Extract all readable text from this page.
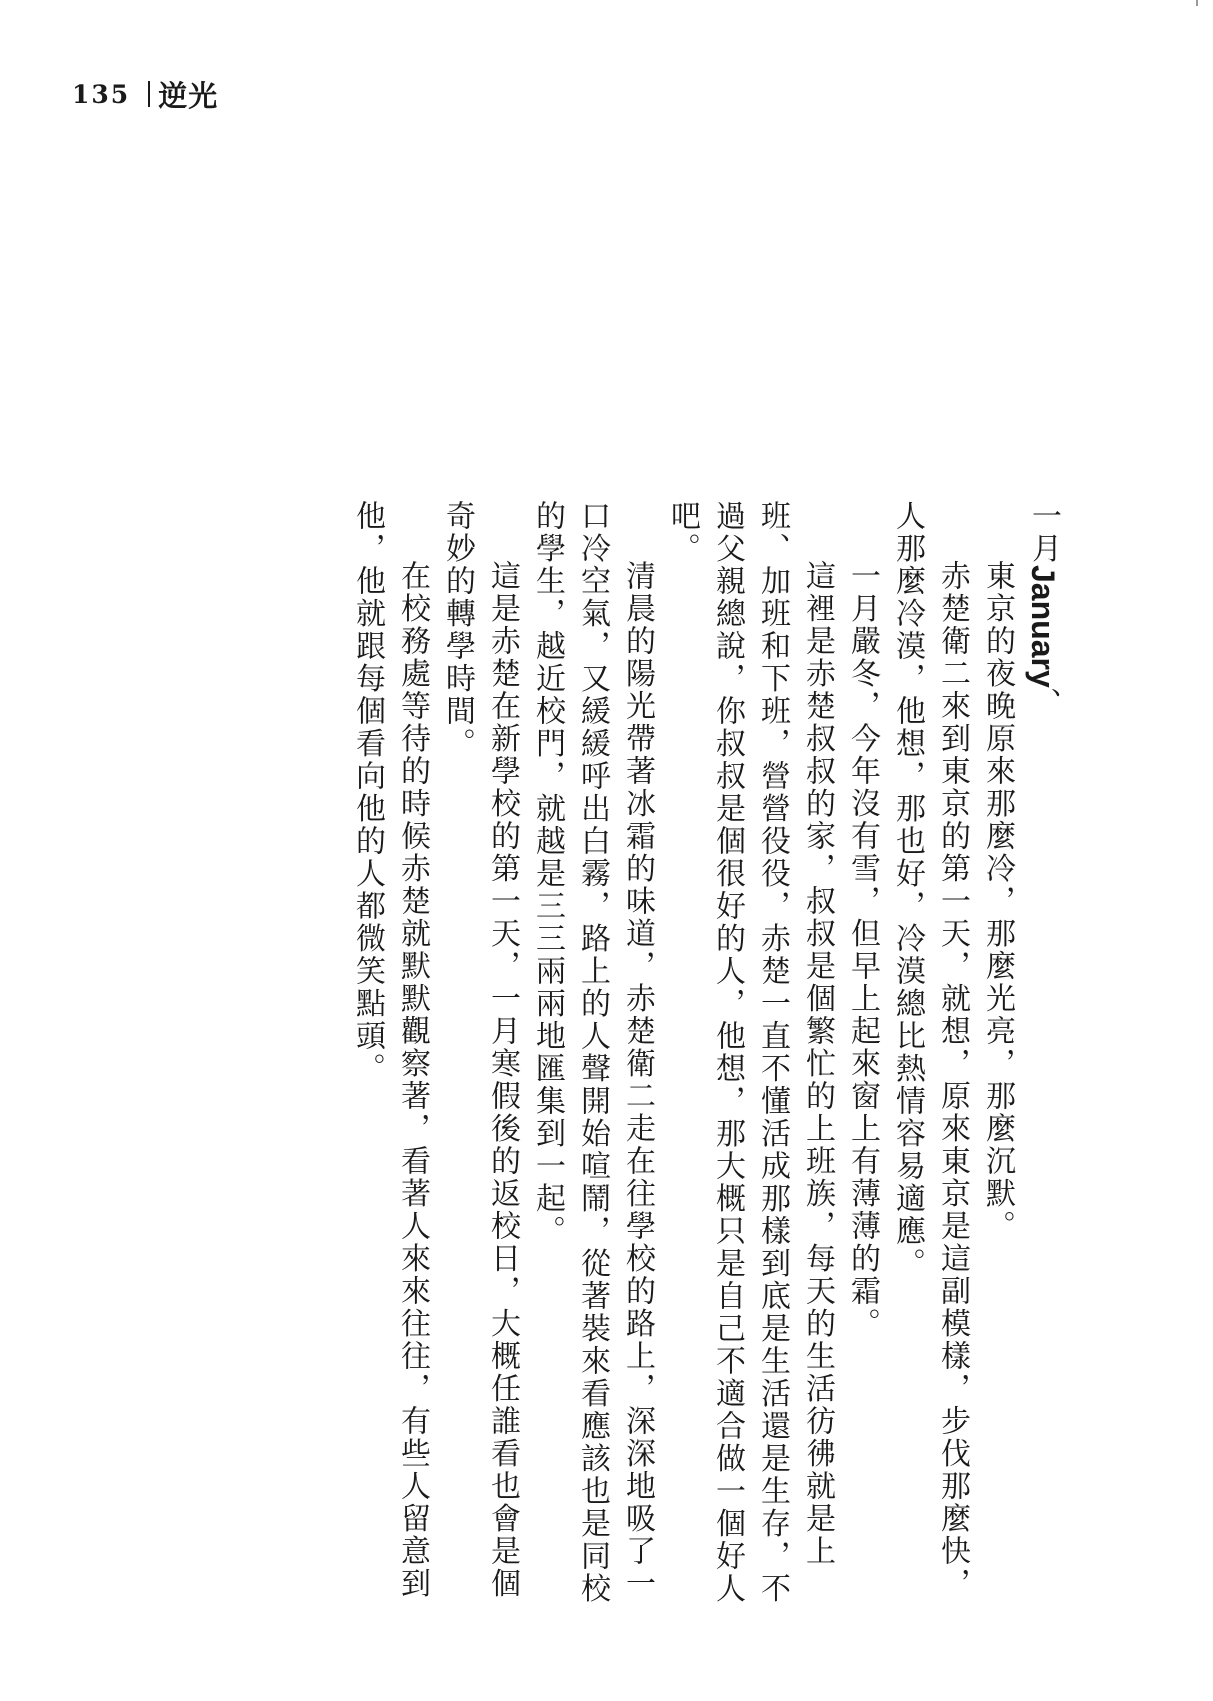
135 逆光
一月January、

東京的夜晚原來那麼冷，那麼光亮，那麼沉默。

赤楚衛二來到東京的第一天，就想，原來東京是這副模樣，步伐那麼快，人那麼冷漠，他想，那也好，冷漠總比熱情容易適應。

一月嚴冬，今年沒有雪，但早上起來窗上有薄薄的霜。

這裡是赤楚叔叔的家，叔叔是個繁忙的上班族，每天的生活彷彿就是上班、加班和下班，營營役役，赤楚一直不懂活成那樣到底是生活還是生存，不過父親總說，你叔叔是個很好的人，他想，那大概只是自己不適合做一個好人吧。

清晨的陽光帶著冰霜的味道，赤楚衛二走在往學校的路上，深深地吸了一口冷空氣，又緩緩呼出白霧，路上的人聲開始喧鬧，從著裝來看應該也是同校的學生，越近校門，就越是三三兩兩地匯集到一起。

這是赤楚在新學校的第一天，一月寒假後的返校日，大概任誰看也會是個奇妙的轉學時間。

在校務處等待的時候赤楚就默默觀察著，看著人來來往往，有些人留意到他，他就跟每個看向他的人都微笑點頭。
